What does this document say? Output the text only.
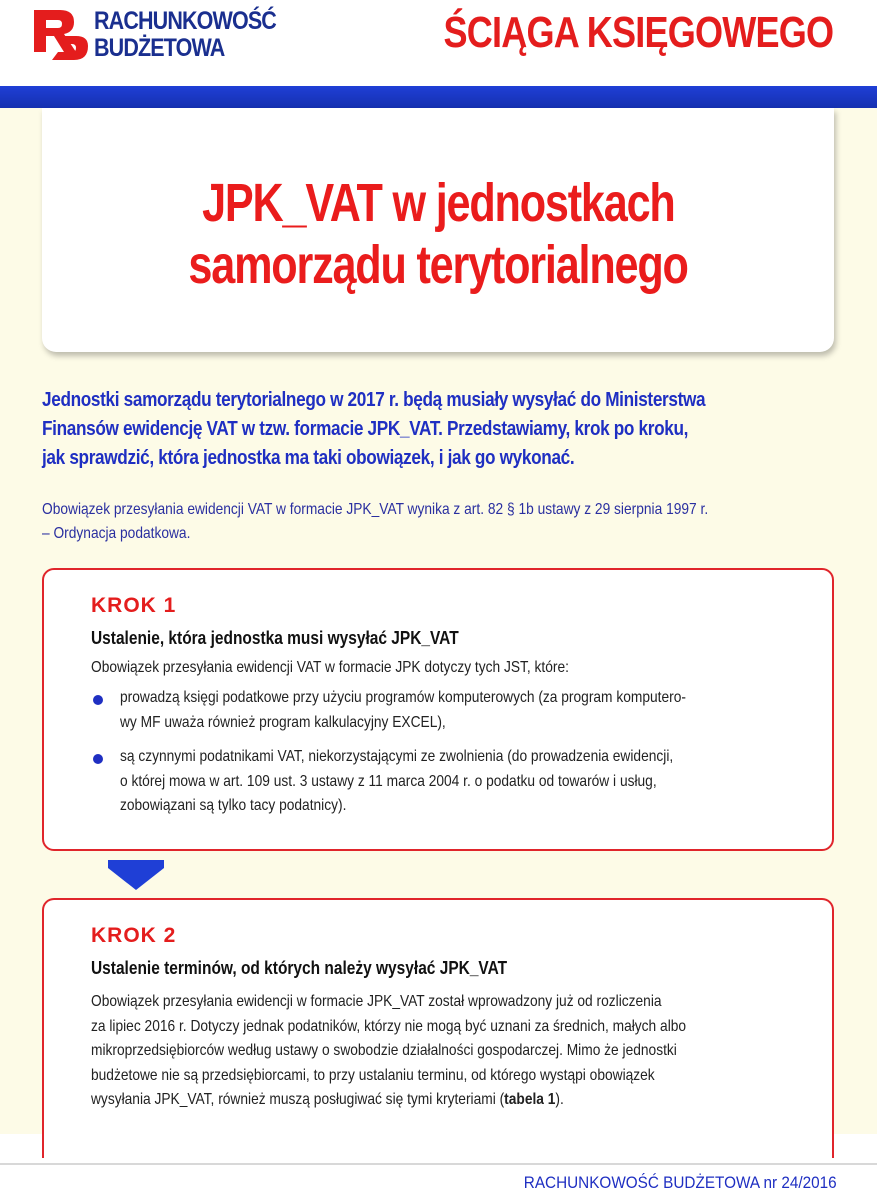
RACHUNKOWOŚĆ
BUDŻETOWA	ŚCIĄGA KSIĘGOWEGO
JPK_VAT w jednostkach
samorządu terytorialnego
Jednostki samorządu terytorialnego w 2017 r. będą musiały wysyłać do Ministerstwa
Finansów ewidencję VAT w tzw. formacie JPK_VAT. Przedstawiamy, krok po kroku,
jak sprawdzić, która jednostka ma taki obowiązek, i jak go wykonać.
Obowiązek przesyłania ewidencji VAT w formacie JPK_VAT wynika z art. 82 § 1b ustawy z 29 sierpnia 1997 r.
– Ordynacja podatkowa.
KROK 1
Ustalenie, która jednostka musi wysyłać JPK_VAT
Obowiązek przesyłania ewidencji VAT w formacie JPK dotyczy tych JST, które:
prowadzą księgi podatkowe przy użyciu programów komputerowych (za program komputero-
wy MF uważa również program kalkulacyjny EXCEL),
są czynnymi podatnikami VAT, niekorzystającymi ze zwolnienia (do prowadzenia ewidencji,
o której mowa w art. 109 ust. 3 ustawy z 11 marca 2004 r. o podatku od towarów i usług,
zobowiązani są tylko tacy podatnicy).
KROK 2
Ustalenie terminów, od których należy wysyłać JPK_VAT
Obowiązek przesyłania ewidencji w formacie JPK_VAT został wprowadzony już od rozliczenia
za lipiec 2016 r. Dotyczy jednak podatników, którzy nie mogą być uznani za średnich, małych albo
mikroprzedsiębiorców według ustawy o swobodzie działalności gospodarczej. Mimo że jednostki
budżetowe nie są przedsiębiorcami, to przy ustalaniu terminu, od którego wystąpi obowiązek
wysyłania JPK_VAT, również muszą posługiwać się tymi kryteriami (tabela 1).
RACHUNKOWOŚĆ BUDŻETOWA nr 24/2016
